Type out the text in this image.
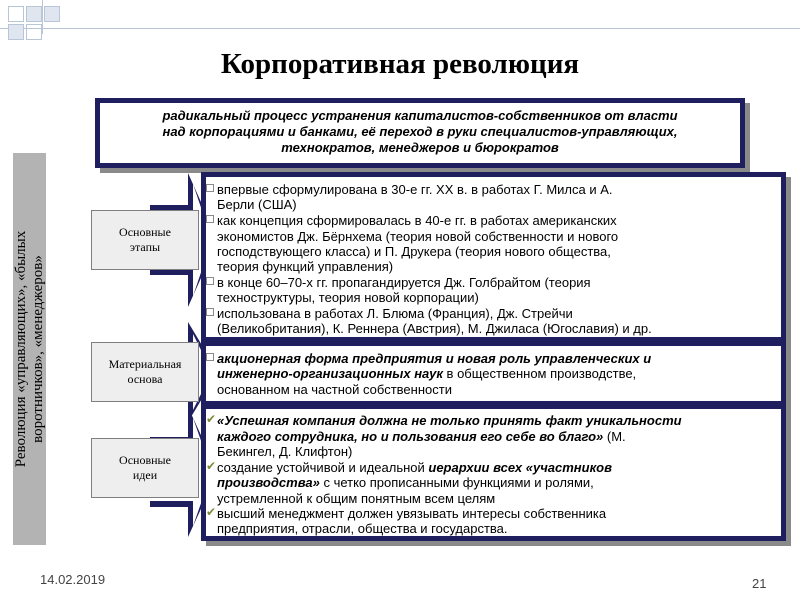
Корпоративная революция
радикальный процесс устранения капиталистов-собственников от власти
над корпорациями и банками, её переход в руки специалистов-управляющих,
технократов, менеджеров и бюрократов
Революция «управляющих», «былых воротничков», «менеджеров»
Основные
этапы
Материальная
основа
Основные
идеи
впервые сформулирована в 30-е гг. ХХ в. в работах Г. Милса и А.
Берли (США)
как концепция сформировалась в 40-е гг. в работах американских
экономистов Дж. Бёрнхема (теория новой собственности и нового
господствующего класса) и П. Друкера (теория нового общества,
теория функций управления)
в конце 60–70-х гг. пропагандируется Дж. Голбрайтом (теория
техноструктуры, теория новой корпорации)
использована в работах Л. Блюма (Франция), Дж. Стрейчи
(Великобритания), К. Реннера (Австрия), М. Джиласа (Югославия) и др.
акционерная форма предприятия и новая роль управленческих и
инженерно-организационных наук в общественном производстве,
основанном на частной собственности
✔ «Успешная компания должна не только принять факт уникальности
каждого сотрудника, но и пользования его себе во благо» (М.
Бекингел, Д. Клифтон)
✔ создание устойчивой и идеальной иерархии всех «участников
производства» с четко прописанными функциями и ролями,
устремленной к общим понятным всем целям
✔ высший менеджмент должен увязывать интересы собственника
предприятия, отрасли, общества и государства.
14.02.2019	21
